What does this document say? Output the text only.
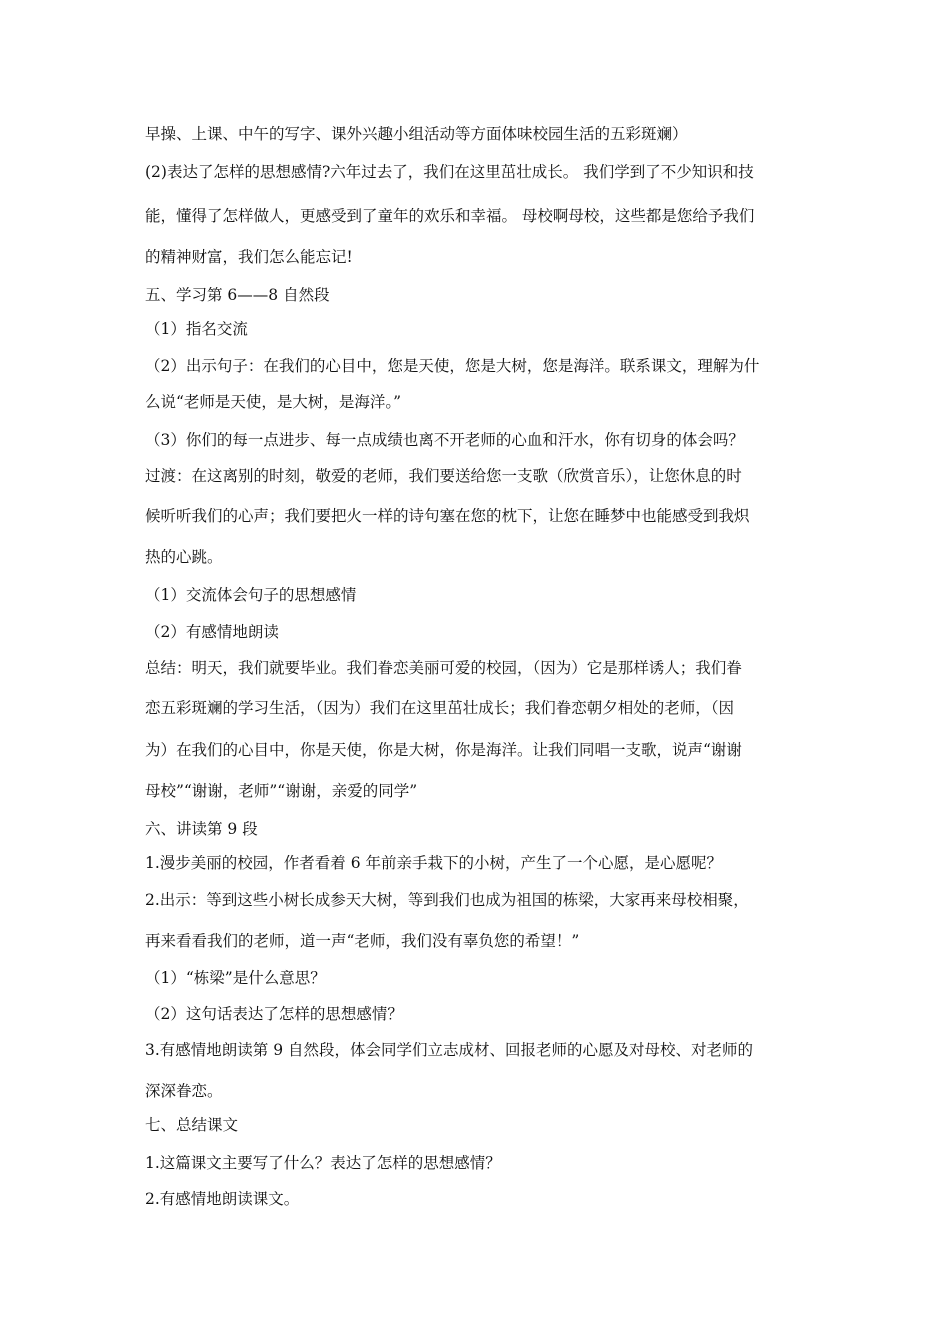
早操、上课、中午的写字、课外兴趣小组活动等方面体味校园生活的五彩斑斓）
(2)表达了怎样的思想感情?六年过去了，我们在这里茁壮成长。 我们学到了不少知识和技
能，懂得了怎样做人，更感受到了童年的欢乐和幸福。 母校啊母校，这些都是您给予我们
的精神财富，我们怎么能忘记!
五、学习第 6——8 自然段
（1）指名交流
（2）出示句子：在我们的心目中，您是天使，您是大树，您是海洋。联系课文，理解为什
么说“老师是天使，是大树，是海洋。”
（3）你们的每一点进步、每一点成绩也离不开老师的心血和汗水，你有切身的体会吗？
过渡：在这离别的时刻，敬爱的老师，我们要送给您一支歌（欣赏音乐），让您休息的时
候听听我们的心声；我们要把火一样的诗句塞在您的枕下，让您在睡梦中也能感受到我炽
热的心跳。
（1）交流体会句子的思想感情
（2）有感情地朗读
总结：明天，我们就要毕业。我们眷恋美丽可爱的校园，（因为）它是那样诱人；我们眷
恋五彩斑斓的学习生活，（因为）我们在这里茁壮成长；我们眷恋朝夕相处的老师，（因
为）在我们的心目中，你是天使，你是大树，你是海洋。让我们同唱一支歌，说声“谢谢
母校”“谢谢，老师”“谢谢，亲爱的同学”
六、讲读第 9 段
1.漫步美丽的校园，作者看着 6 年前亲手栽下的小树，产生了一个心愿，是心愿呢？
2.出示：等到这些小树长成参天大树，等到我们也成为祖国的栋梁，大家再来母校相聚，
再来看看我们的老师，道一声“老师，我们没有辜负您的希望！”
（1）“栋梁”是什么意思？
（2）这句话表达了怎样的思想感情？
3.有感情地朗读第 9 自然段，体会同学们立志成材、回报老师的心愿及对母校、对老师的
深深眷恋。
七、总结课文
1.这篇课文主要写了什么？表达了怎样的思想感情？
2.有感情地朗读课文。
